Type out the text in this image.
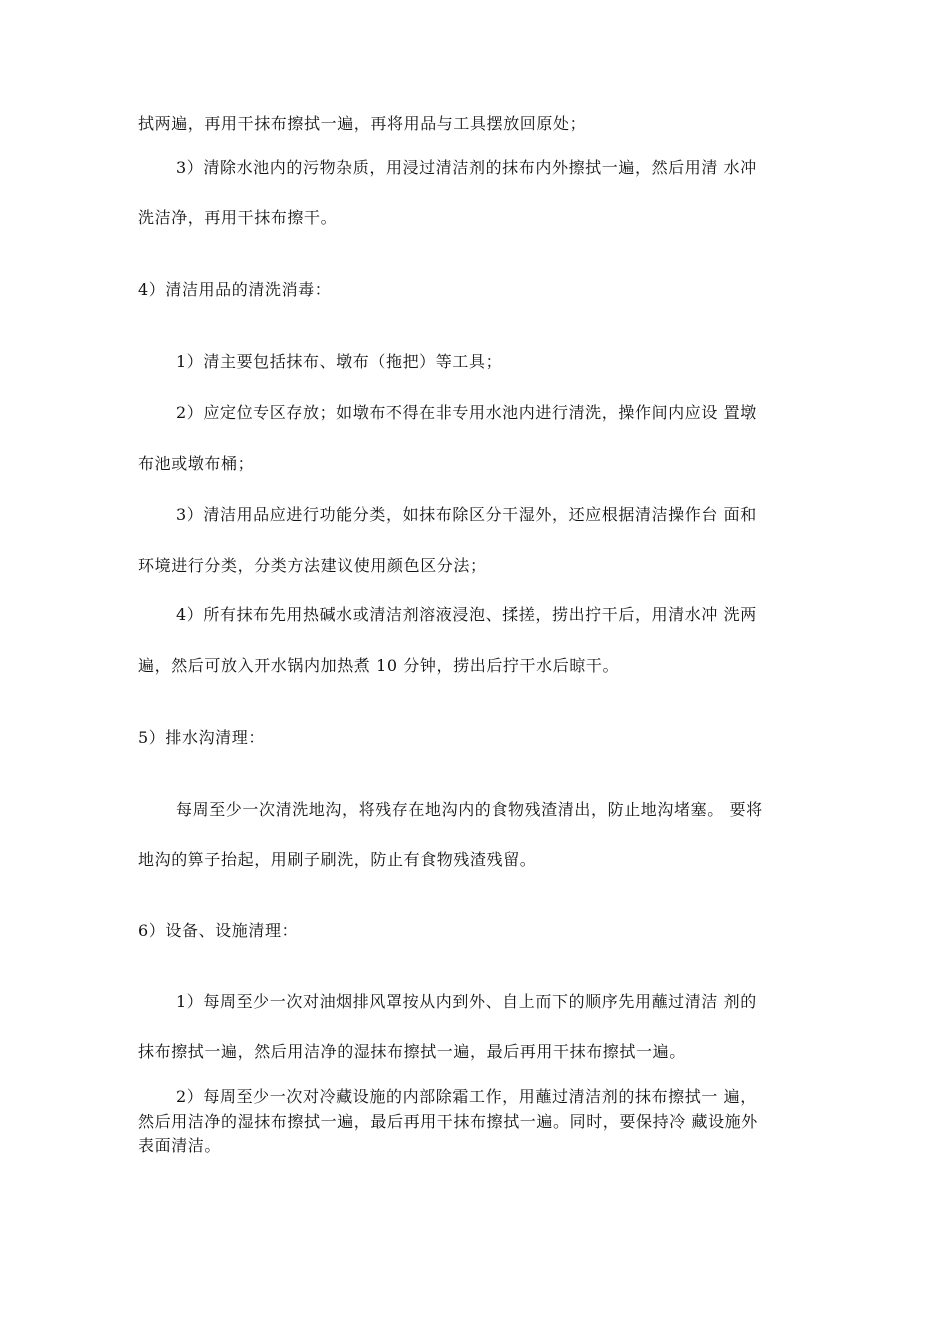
拭两遍，再用干抹布擦拭一遍，再将用品与工具摆放回原处；
3）清除水池内的污物杂质，用浸过清洁剂的抹布内外擦拭一遍，然后用清 水冲
洗洁净，再用干抹布擦干。
4）清洁用品的清洗消毒：
1）清主要包括抹布、墩布（拖把）等工具；
2）应定位专区存放；如墩布不得在非专用水池内进行清洗，操作间内应设 置墩
布池或墩布桶；
3）清洁用品应进行功能分类，如抹布除区分干湿外，还应根据清洁操作台 面和
环境进行分类，分类方法建议使用颜色区分法；
4）所有抹布先用热碱水或清洁剂溶液浸泡、揉搓，捞出拧干后，用清水冲 洗两
遍，然后可放入开水锅内加热煮 10 分钟，捞出后拧干水后晾干。
5）排水沟清理：
每周至少一次清洗地沟，将残存在地沟内的食物残渣清出，防止地沟堵塞。 要将
地沟的箅子抬起，用刷子刷洗，防止有食物残渣残留。
6）设备、设施清理：
1）每周至少一次对油烟排风罩按从内到外、自上而下的顺序先用蘸过清洁 剂的
抹布擦拭一遍，然后用洁净的湿抹布擦拭一遍，最后再用干抹布擦拭一遍。
2）每周至少一次对冷藏设施的内部除霜工作，用蘸过清洁剂的抹布擦拭一 遍，
然后用洁净的湿抹布擦拭一遍，最后再用干抹布擦拭一遍。同时，要保持冷 藏设施外
表面清洁。
